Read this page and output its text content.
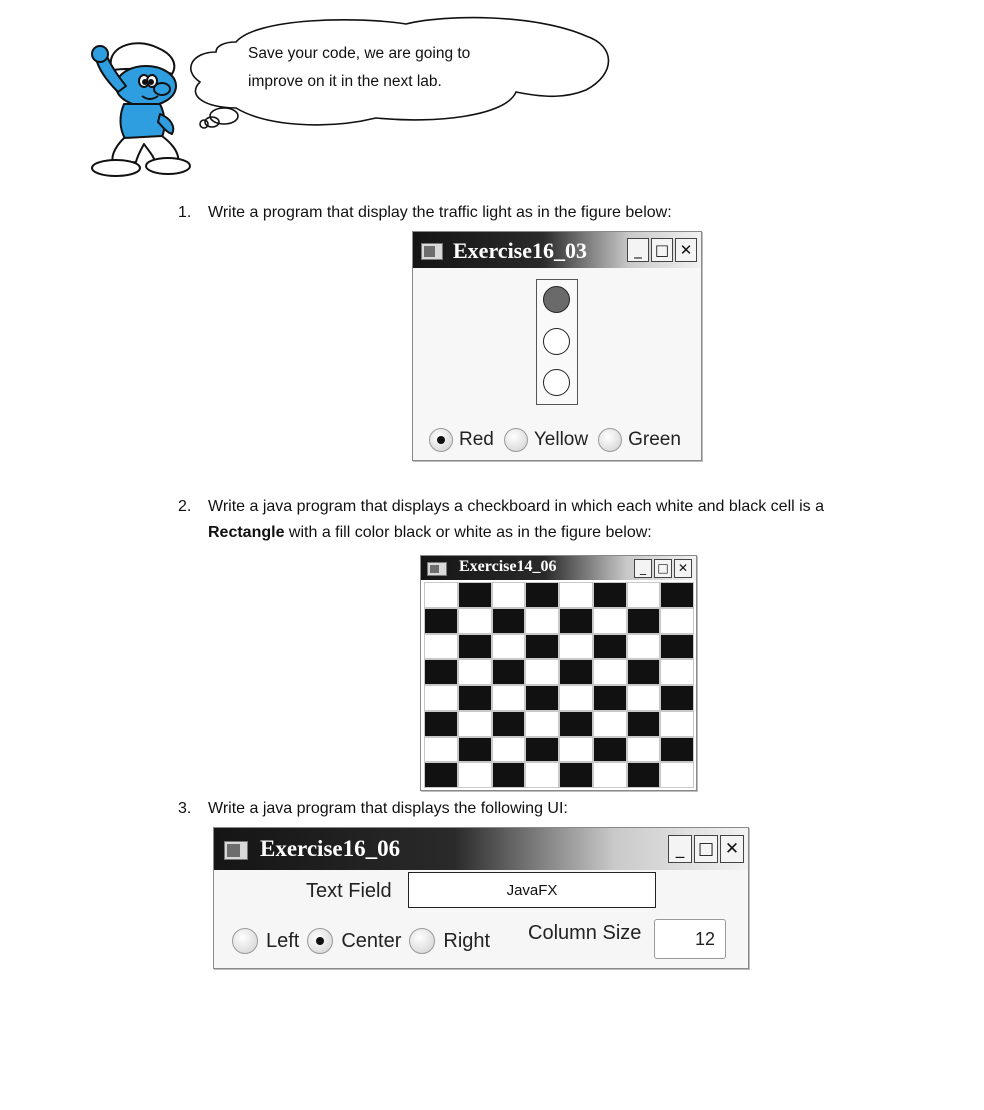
Save your code, we are going to
improve on it in the next lab.
1. Write a program that display the traffic light as in the figure below:
Exercise16_03	_ □ ✕
Red Yellow Green
2. Write a java program that displays a checkboard in which each white and black cell is a
Rectangle with a fill color black or white as in the figure below:
Exercise14_06	_ □ ✕
3. Write a java program that displays the following UI:
Exercise16_06	_ □ ✕
Text Field	JavaFX
Left Center Right Column Size	12
